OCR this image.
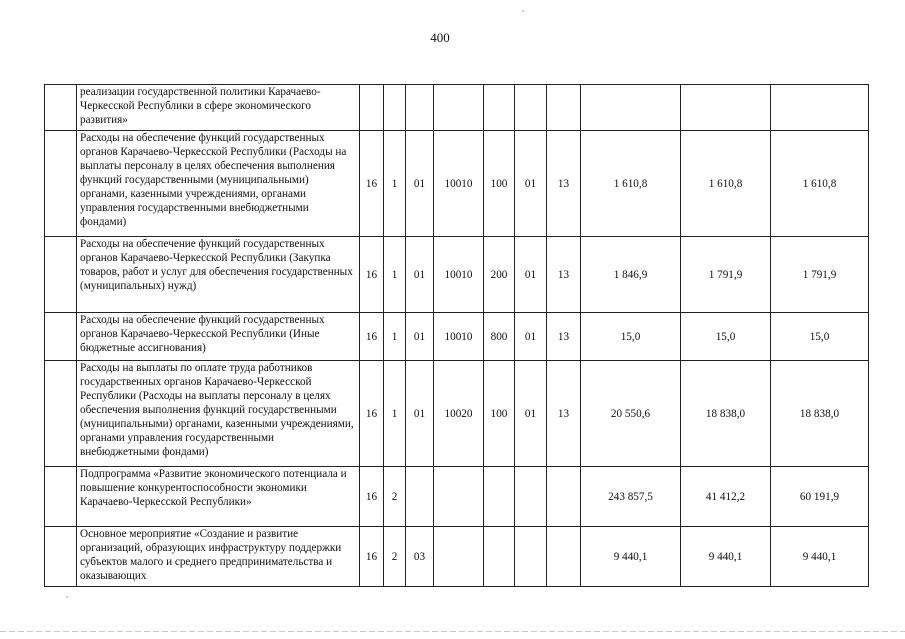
400
	реализации государственной политики Карачаево-Черкесской Республики в сфере экономического развития»										
	Расходы на обеспечение функций государственных органов Карачаево-Черкесской Республики (Расходы на выплаты персоналу в целях обеспечения выполнения функций государственными (муниципальными) органами, казенными учреждениями, органами управления государственными внебюджетными фондами)	16	1	01	10010	100	01	13	1 610,8	1 610,8	1 610,8
	Расходы на обеспечение функций государственных органов Карачаево-Черкесской Республики (Закупка товаров, работ и услуг для обеспечения государственных (муниципальных) нужд)	16	1	01	10010	200	01	13	1 846,9	1 791,9	1 791,9
	Расходы на обеспечение функций государственных органов Карачаево-Черкесской Республики (Иные бюджетные ассигнования)	16	1	01	10010	800	01	13	15,0	15,0	15,0
	Расходы на выплаты по оплате труда работников государственных органов Карачаево-Черкесской Республики (Расходы на выплаты персоналу в целях обеспечения выполнения функций государственными (муниципальными) органами, казенными учреждениями, органами управления государственными внебюджетными фондами)	16	1	01	10020	100	01	13	20 550,6	18 838,0	18 838,0
	Подпрограмма «Развитие экономического потенциала и повышение конкурентоспособности экономики Карачаево-Черкесской Республики»	16	2						243 857,5	41 412,2	60 191,9
	Основное мероприятие «Создание и развитие организаций, образующих инфраструктуру поддержки субъектов малого и среднего предпринимательства и оказывающих	16	2	03					9 440,1	9 440,1	9 440,1
